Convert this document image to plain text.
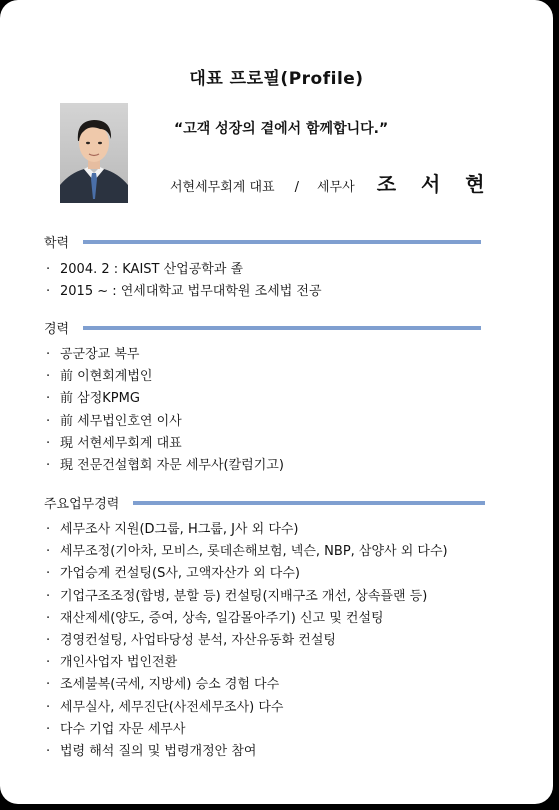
대표 프로필(Profile)
“고객 성장의 곁에서 함께합니다.”
서현세무회계 대표 / 세무사 조 서 현
학력
· 2004. 2 : KAIST 산업공학과 졸
· 2015 ~ : 연세대학교 법무대학원 조세법 전공
경력
· 공군장교 복무
· 前 이현회계법인
· 前 삼정KPMG
· 前 세무법인호연 이사
· 現 서현세무회계 대표
· 現 전문건설협회 자문 세무사(칼럼기고)
주요업무경력
· 세무조사 지원(D그룹, H그룹, J사 외 다수)
· 세무조정(기아차, 모비스, 롯데손해보험, 넥슨, NBP, 삼양사 외 다수)
· 가업승계 컨설팅(S사, 고액자산가 외 다수)
· 기업구조조정(합병, 분할 등) 컨설팅(지배구조 개선, 상속플랜 등)
· 재산제세(양도, 증여, 상속, 일감몰아주기) 신고 및 컨설팅
· 경영컨설팅, 사업타당성 분석, 자산유동화 컨설팅
· 개인사업자 법인전환
· 조세불복(국세, 지방세) 승소 경험 다수
· 세무실사, 세무진단(사전세무조사) 다수
· 다수 기업 자문 세무사
· 법령 해석 질의 및 법령개정안 참여
